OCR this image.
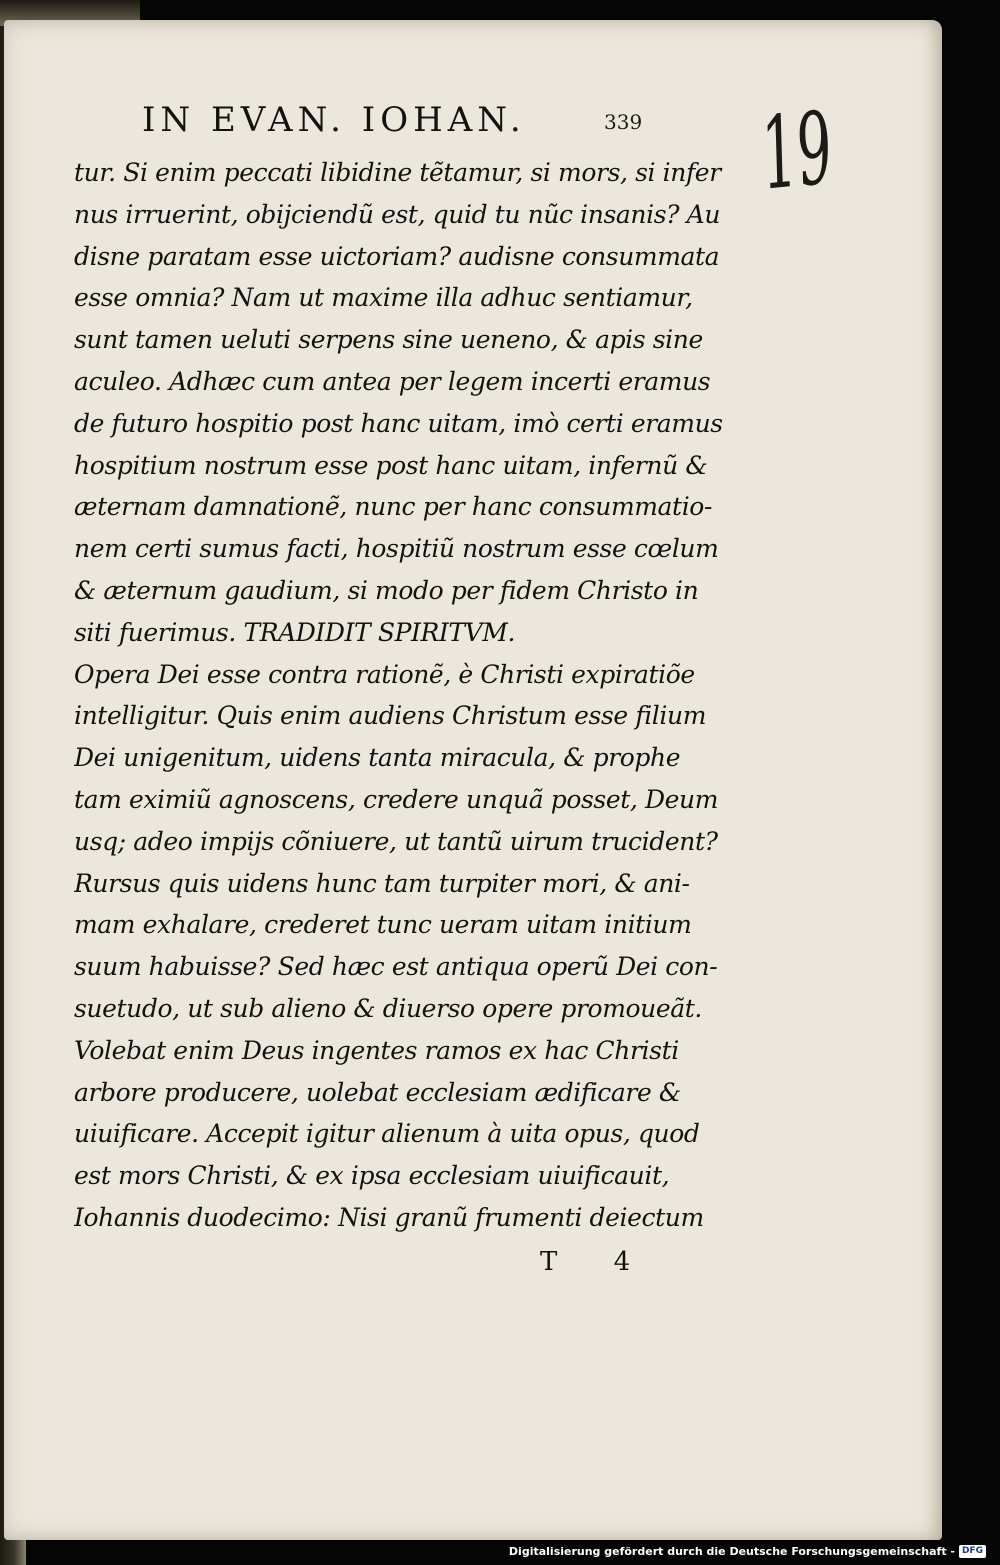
IN EVAN. IOHAN.	339 19
tur. Si enim peccati libidine tẽtamur, si mors, si infer
nus irruerint, obijciendũ est, quid tu nũc insanis? Au
disne paratam esse uictoriam? audisne consummata
esse omnia? Nam ut maxime illa adhuc sentiamur,
sunt tamen ueluti serpens sine ueneno, & apis sine
aculeo. Adhæc cum antea per legem incerti eramus
de futuro hospitio post hanc uitam, imò certi eramus
hospitium nostrum esse post hanc uitam, infernũ &
æternam damnationẽ, nunc per hanc consummatio-
nem certi sumus facti, hospitiũ nostrum esse cœlum
& æternum gaudium, si modo per fidem Christo in
siti fuerimus. TRADIDIT SPIRITVM.
Opera Dei esse contra rationẽ, è Christi expiratiõe
intelligitur. Quis enim audiens Christum esse filium
Dei unigenitum, uidens tanta miracula, & prophe
tam eximiũ agnoscens, credere unquã posset, Deum
usq; adeo impijs cõniuere, ut tantũ uirum trucident?
Rursus quis uidens hunc tam turpiter mori, & ani-
mam exhalare, crederet tunc ueram uitam initium
suum habuisse? Sed hæc est antiqua operũ Dei con-
suetudo, ut sub alieno & diuerso opere promoueãt.
Volebat enim Deus ingentes ramos ex hac Christi
arbore producere, uolebat ecclesiam ædificare &
uiuificare. Accepit igitur alienum à uita opus, quod
est mors Christi, & ex ipsa ecclesiam uiuificauit,
Iohannis duodecimo: Nisi granũ frumenti deiectum
T 4
Digitalisierung gefördert durch die Deutsche Forschungsgemeinschaft - DFG
